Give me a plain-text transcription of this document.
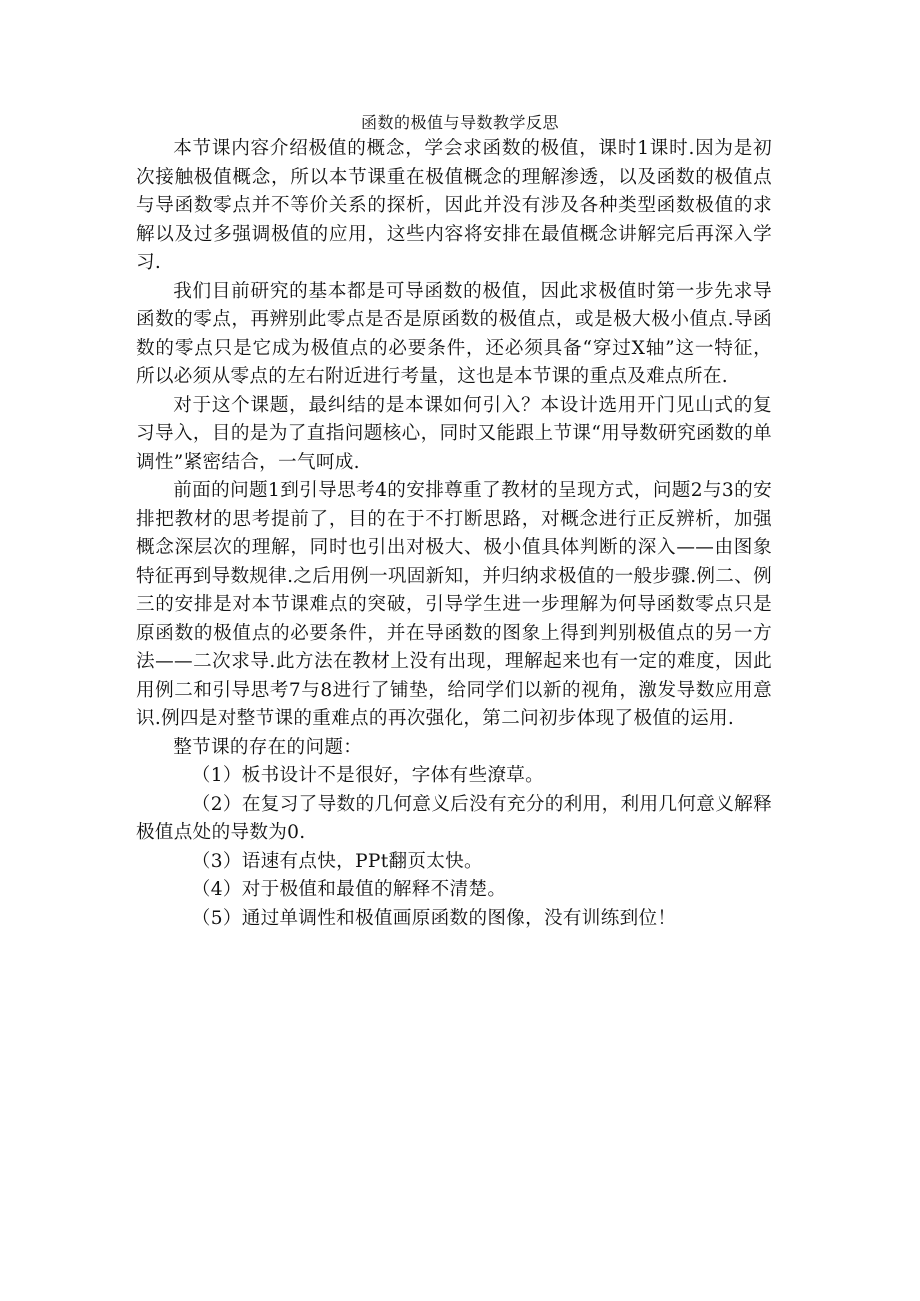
函数的极值与导数教学反思

本节课内容介绍极值的概念，学会求函数的极值，课时1课时.因为是初次接触极值概念，所以本节课重在极值概念的理解渗透，以及函数的极值点与导函数零点并不等价关系的探析，因此并没有涉及各种类型函数极值的求解以及过多强调极值的应用，这些内容将安排在最值概念讲解完后再深入学习.

我们目前研究的基本都是可导函数的极值，因此求极值时第一步先求导函数的零点，再辨别此零点是否是原函数的极值点，或是极大极小值点.导函数的零点只是它成为极值点的必要条件，还必须具备“穿过X轴”这一特征，所以必须从零点的左右附近进行考量，这也是本节课的重点及难点所在.

对于这个课题，最纠结的是本课如何引入？本设计选用开门见山式的复习导入，目的是为了直指问题核心，同时又能跟上节课“用导数研究函数的单调性”紧密结合，一气呵成.

前面的问题1到引导思考4的安排尊重了教材的呈现方式，问题2与3的安排把教材的思考提前了，目的在于不打断思路，对概念进行正反辨析，加强概念深层次的理解，同时也引出对极大、极小值具体判断的深入——由图象特征再到导数规律.之后用例一巩固新知，并归纳求极值的一般步骤.例二、例三的安排是对本节课难点的突破，引导学生进一步理解为何导函数零点只是原函数的极值点的必要条件，并在导函数的图象上得到判别极值点的另一方法——二次求导.此方法在教材上没有出现，理解起来也有一定的难度，因此用例二和引导思考7与8进行了铺垫，给同学们以新的视角，激发导数应用意识.例四是对整节课的重难点的再次强化，第二问初步体现了极值的运用.

整节课的存在的问题：

（1）板书设计不是很好，字体有些潦草。

（2）在复习了导数的几何意义后没有充分的利用，利用几何意义解释极值点处的导数为0.

（3）语速有点快，PPt翻页太快。

（4）对于极值和最值的解释不清楚。

（5）通过单调性和极值画原函数的图像，没有训练到位！
